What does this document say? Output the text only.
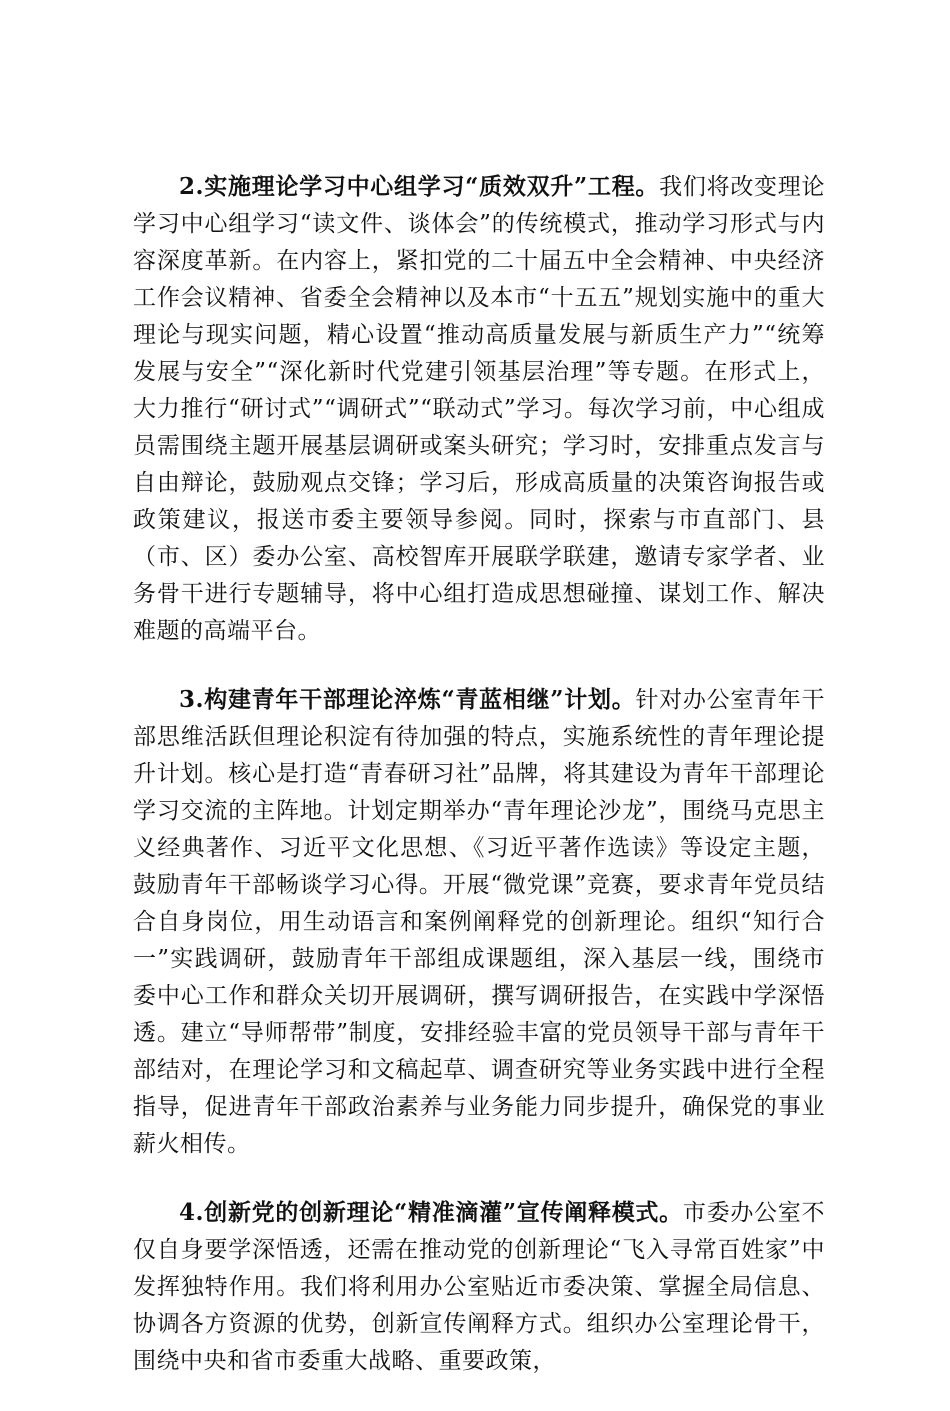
2.实施理论学习中心组学习“质效双升”工程。我们将改变理论学习中心组学习“读文件、谈体会”的传统模式，推动学习形式与内容深度革新。在内容上，紧扣党的二十届五中全会精神、中央经济工作会议精神、省委全会精神以及本市“十五五”规划实施中的重大理论与现实问题，精心设置“推动高质量发展与新质生产力”“统筹发展与安全”“深化新时代党建引领基层治理”等专题。在形式上，大力推行“研讨式”“调研式”“联动式”学习。每次学习前，中心组成员需围绕主题开展基层调研或案头研究；学习时，安排重点发言与自由辩论，鼓励观点交锋；学习后，形成高质量的决策咨询报告或政策建议，报送市委主要领导参阅。同时，探索与市直部门、县（市、区）委办公室、高校智库开展联学联建，邀请专家学者、业务骨干进行专题辅导，将中心组打造成思想碰撞、谋划工作、解决难题的高端平台。

3.构建青年干部理论淬炼“青蓝相继”计划。针对办公室青年干部思维活跃但理论积淀有待加强的特点，实施系统性的青年理论提升计划。核心是打造“青春研习社”品牌，将其建设为青年干部理论学习交流的主阵地。计划定期举办“青年理论沙龙”，围绕马克思主义经典著作、习近平文化思想、《习近平著作选读》等设定主题，鼓励青年干部畅谈学习心得。开展“微党课”竞赛，要求青年党员结合自身岗位，用生动语言和案例阐释党的创新理论。组织“知行合一”实践调研，鼓励青年干部组成课题组，深入基层一线，围绕市委中心工作和群众关切开展调研，撰写调研报告，在实践中学深悟透。建立“导师帮带”制度，安排经验丰富的党员领导干部与青年干部结对，在理论学习和文稿起草、调查研究等业务实践中进行全程指导，促进青年干部政治素养与业务能力同步提升，确保党的事业薪火相传。

4.创新党的创新理论“精准滴灌”宣传阐释模式。市委办公室不仅自身要学深悟透，还需在推动党的创新理论“飞入寻常百姓家”中发挥独特作用。我们将利用办公室贴近市委决策、掌握全局信息、协调各方资源的优势，创新宣传阐释方式。组织办公室理论骨干，围绕中央和省市委重大战略、重要政策，
